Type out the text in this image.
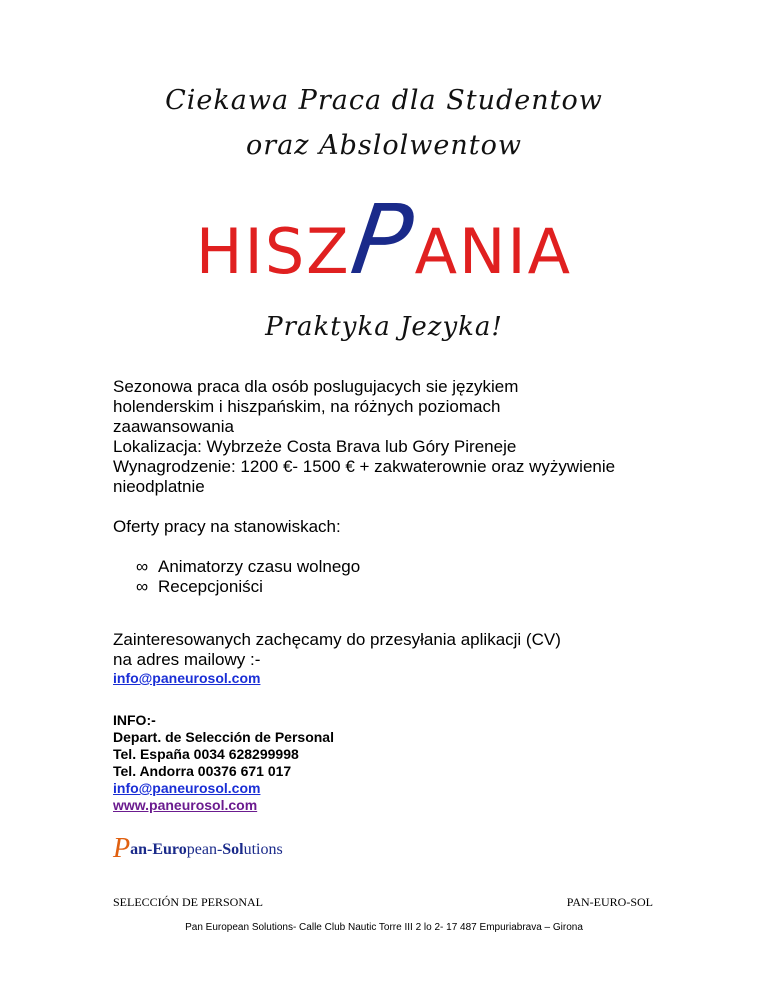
Ciekawa Praca dla Studentow
oraz Abslolwentow
HISZPANIA
Praktyka Jezyka!
Sezonowa praca dla osób poslugujacych sie językiem
holenderskim i hiszpańskim, na różnych poziomach
zaawansowania
Lokalizacja: Wybrzeże Costa Brava lub Góry Pireneje
Wynagrodzenie: 1200 €- 1500 € + zakwaterownie oraz wyżywienie
nieodplatnie
Oferty pracy na stanowiskach:
∞ Animatorzy czasu wolnego
∞ Recepcjoniści
Zainteresowanych zachęcamy do przesyłania aplikacji (CV)
na adres mailowy :-
info@paneurosol.com
INFO:-
Depart. de Selección de Personal
Tel. España 0034 628299998
Tel. Andorra 00376 671 017
info@paneurosol.com
www.paneurosol.com
Pan-European-Solutions
SELECCIÓN DE PERSONAL	PAN-EURO-SOL
Pan European Solutions- Calle Club Nautic Torre III 2 lo 2- 17 487 Empuriabrava – Girona
